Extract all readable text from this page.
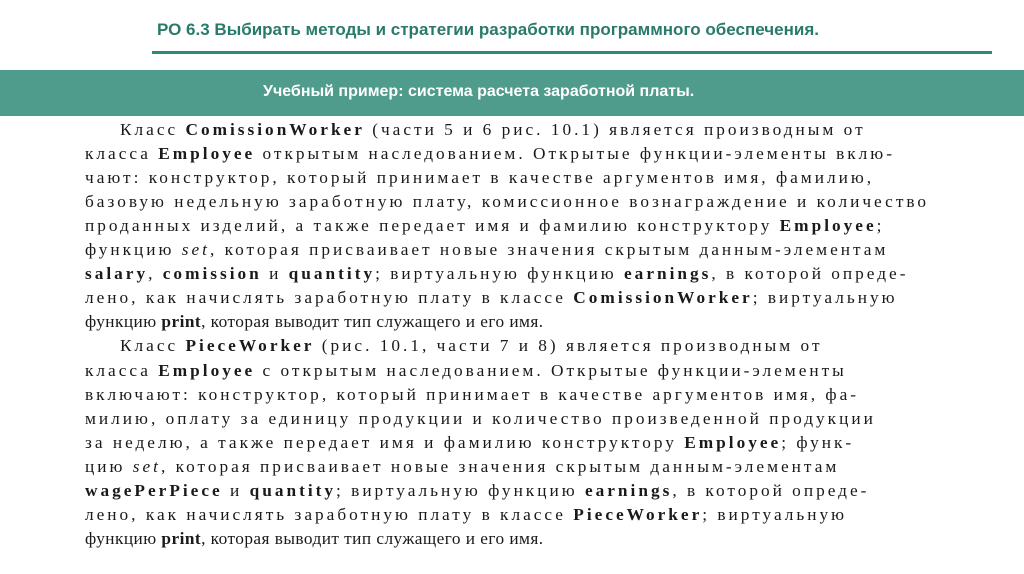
РО 6.3 Выбирать методы и стратегии разработки программного обеспечения.
Учебный пример: система расчета заработной платы.
Класс ComissionWorker (части 5 и 6 рис. 10.1) является производным от
класса Employee открытым наследованием. Открытые функции-элементы вклю-
чают: конструктор, который принимает в качестве аргументов имя, фамилию,
базовую недельную заработную плату, комиссионное вознаграждение и количество
проданных изделий, а также передает имя и фамилию конструктору Employee;
функцию set, которая присваивает новые значения скрытым данным-элементам
salary, comission и quantity; виртуальную функцию earnings, в которой опреде-
лено, как начислять заработную плату в классе ComissionWorker; виртуальную
функцию print, которая выводит тип служащего и его имя.
Класс PieceWorker (рис. 10.1, части 7 и 8) является производным от
класса Employee с открытым наследованием. Открытые функции-элементы
включают: конструктор, который принимает в качестве аргументов имя, фа-
милию, оплату за единицу продукции и количество произведенной продукции
за неделю, а также передает имя и фамилию конструктору Employee; функ-
цию set, которая присваивает новые значения скрытым данным-элементам
wagePerPiece и quantity; виртуальную функцию earnings, в которой опреде-
лено, как начислять заработную плату в классе PieceWorker; виртуальную
функцию print, которая выводит тип служащего и его имя.
